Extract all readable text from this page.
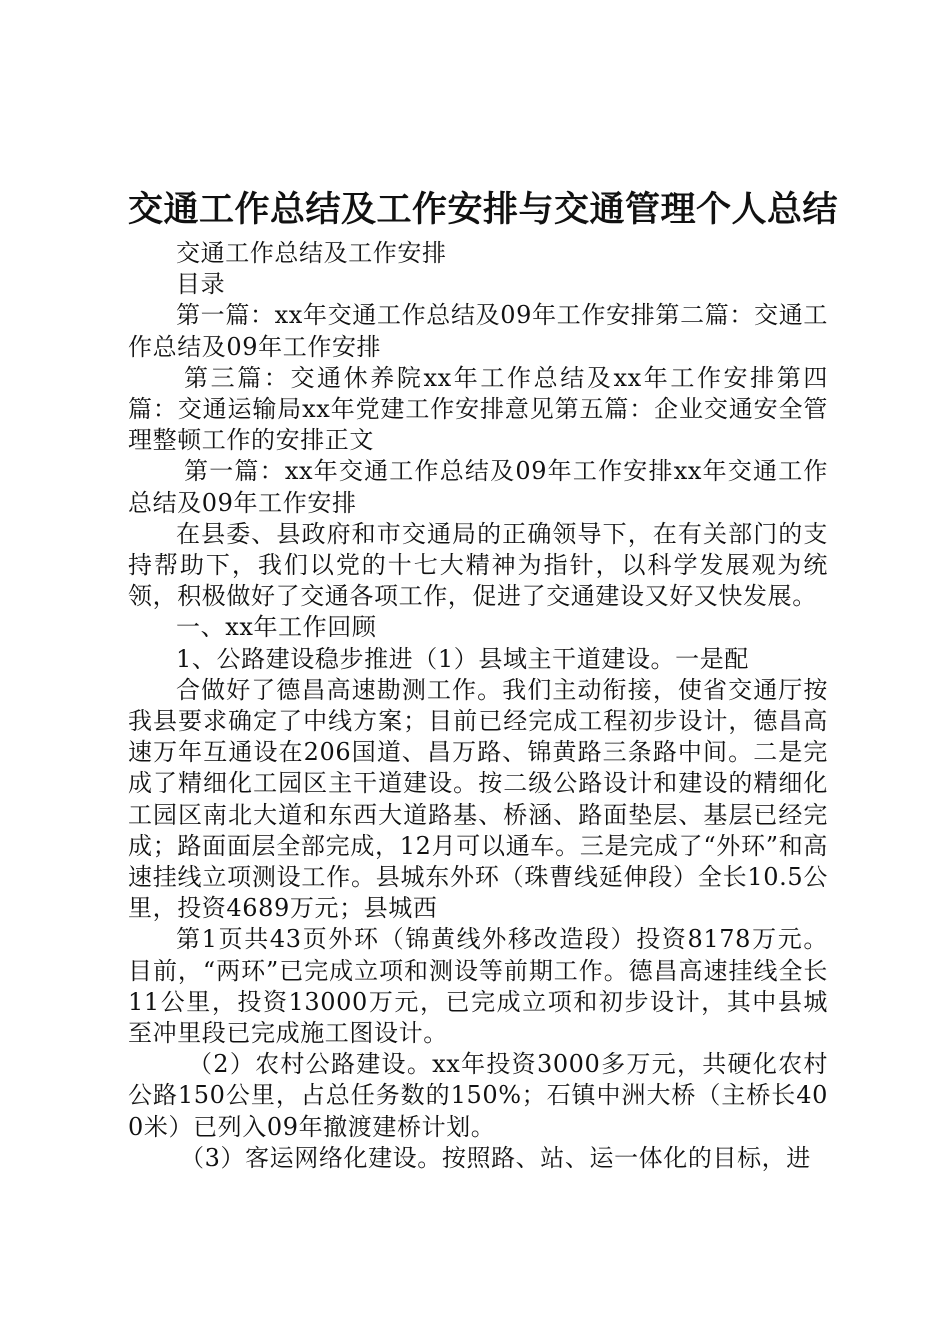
交通工作总结及工作安排与交通管理个人总结

交通工作总结及工作安排

目录

第一篇：xx年交通工作总结及09年工作安排第二篇：交通工作总结及09年工作安排

第三篇：交通休养院xx年工作总结及xx年工作安排第四篇：交通运输局xx年党建工作安排意见第五篇：企业交通安全管理整顿工作的安排正文

第一篇：xx年交通工作总结及09年工作安排xx年交通工作总结及09年工作安排

在县委、县政府和市交通局的正确领导下，在有关部门的支持帮助下，我们以党的十七大精神为指针，以科学发展观为统领，积极做好了交通各项工作，促进了交通建设又好又快发展。

一、xx年工作回顾

1、公路建设稳步推进（1）县域主干道建设。一是配

合做好了德昌高速勘测工作。我们主动衔接，使省交通厅按我县要求确定了中线方案；目前已经完成工程初步设计，德昌高速万年互通设在206国道、昌万路、锦黄路三条路中间。二是完成了精细化工园区主干道建设。按二级公路设计和建设的精细化工园区南北大道和东西大道路基、桥涵、路面垫层、基层已经完成；路面面层全部完成，12月可以通车。三是完成了“外环”和高速挂线立项测设工作。县城东外环（珠曹线延伸段）全长10.5公里，投资4689万元；县城西

第1页共43页外环（锦黄线外移改造段）投资8178万元。目前，“两环”已完成立项和测设等前期工作。德昌高速挂线全长11公里，投资13000万元，已完成立项和初步设计，其中县城至冲里段已完成施工图设计。

（2）农村公路建设。xx年投资3000多万元，共硬化农村公路150公里，占总任务数的150%；石镇中洲大桥（主桥长400米）已列入09年撤渡建桥计划。

（3）客运网络化建设。按照路、站、运一体化的目标，进
